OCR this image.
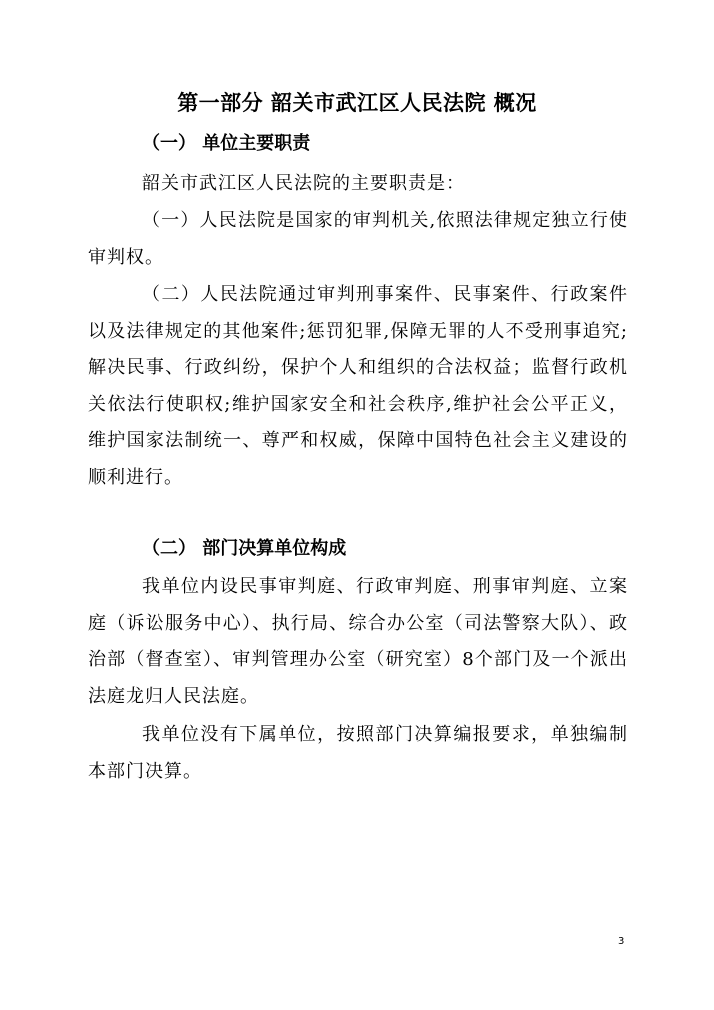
第一部分 韶关市武江区人民法院 概况
（一） 单位主要职责

韶关市武江区人民法院的主要职责是：

（一）人民法院是国家的审判机关,依照法律规定独立行使审判权。

（二）人民法院通过审判刑事案件、民事案件、行政案件以及法律规定的其他案件;惩罚犯罪,保障无罪的人不受刑事追究;解决民事、行政纠纷，保护个人和组织的合法权益；监督行政机关依法行使职权;维护国家安全和社会秩序,维护社会公平正义，维护国家法制统一、尊严和权威，保障中国特色社会主义建设的顺利进行。

（二） 部门决算单位构成

我单位内设民事审判庭、行政审判庭、刑事审判庭、立案庭（诉讼服务中心）、执行局、综合办公室（司法警察大队）、政治部（督查室）、审判管理办公室（研究室）8个部门及一个派出法庭龙归人民法庭。

我单位没有下属单位，按照部门决算编报要求，单独编制本部门决算。

3
